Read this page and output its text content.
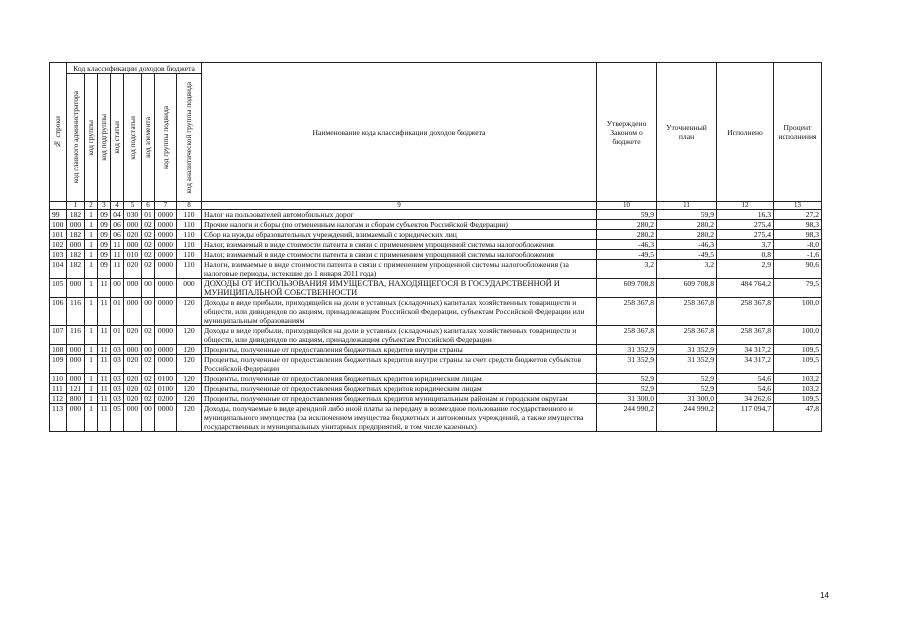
№ строки	Код классификации доходов бюджета								Наименование кода классификации доходов бюджета	Утверждено Законом о бюджете	Уточненный план	Исполнено	Процент исполнения

	код главного администратора	код группы	код подгруппы	код статьи	код подстатьи	код элемента	код группы подвида	код аналитической группы подвида					

	1	2	3	4	5	6	7	8	9	10	11	12	13
99	182	1	09	04	030	01	0000	110	Налог на пользователей автомобильных дорог	59,9	59,9	16,3	27,2
100	000	1	09	06	000	02	0000	110	Прочие налоги и сборы (по отмененным налогам и сборам субъектов Российской Федерации)	280,2	280,2	275,4	98,3
101	182	1	09	06	020	02	0000	110	Сбор на нужды образовательных учреждений, взимаемый с юридических лиц	280,2	280,2	275,4	98,3
102	000	1	09	11	000	02	0000	110	Налог, взимаемый в виде стоимости патента в связи с применением упрощенной системы налогообложения	-46,3	-46,3	3,7	-8,0
103	182	1	09	11	010	02	0000	110	Налог, взимаемый в виде стоимости патента в связи с применением упрощенной системы налогообложения	-49,5	-49,5	0,8	-1,6
104	182	1	09	11	020	02	0000	110	Налоги, взимаемые в виде стоимости патента в связи с применением упрощенной системы налогообложения (за налоговые периоды, истекшие до 1 января 2011 года)	3,2	3,2	2,9	90,6
105	000	1	11	00	000	00	0000	000	ДОХОДЫ ОТ ИСПОЛЬЗОВАНИЯ ИМУЩЕСТВА, НАХОДЯЩЕГОСЯ В ГОСУДАРСТВЕННОЙ И МУНИЦИПАЛЬНОЙ СОБСТВЕННОСТИ	609 708,8	609 708,8	484 764,2	79,5
106	116	1	11	01	000	00	0000	120	Доходы в виде прибыли, приходящейся на доли в уставных (складочных) капиталах хозяйственных товариществ и обществ, или дивидендов по акциям, принадлежащим Российской Федерации, субъектам Российской Федерации или муниципальным образованиям	258 367,8	258 367,8	258 367,8	100,0
107	116	1	11	01	020	02	0000	120	Доходы в виде прибыли, приходящейся на доли в уставных (складочных) капиталах хозяйственных товариществ и обществ, или дивидендов по акциям, принадлежащим субъектам Российской Федерации	258 367,8	258 367,8	258 367,8	100,0
108	000	1	11	03	000	00	0000	120	Проценты, полученные от предоставления бюджетных кредитов внутри страны	31 352,9	31 352,9	34 317,2	109,5
109	000	1	11	03	020	02	0000	120	Проценты, полученные от предоставления бюджетных кредитов внутри страны за счет средств бюджетов субъектов Российской Федерации	31 352,9	31 352,9	34 317,2	109,5
110	000	1	11	03	020	02	0100	120	Проценты, полученные от предоставления бюджетных кредитов юридическим лицам	52,9	52,9	54,6	103,2
111	121	1	11	03	020	02	0100	120	Проценты, полученные от предоставления бюджетных кредитов юридическим лицам	52,9	52,9	54,6	103,2
112	800	1	11	03	020	02	0200	120	Проценты, полученные от предоставления бюджетных кредитов муниципальным районам и городским округам	31 300,0	31 300,0	34 262,6	109,5
113	000	1	11	05	000	00	0000	120	Доходы, получаемые в виде арендной либо иной платы за передачу в возмездное пользование государственного и муниципального имущества (за исключением имущества бюджетных и автономных учреждений, а также имущества государственных и муниципальных унитарных предприятий, в том числе казенных)	244 990,2	244 990,2	117 094,7	47,8
14
